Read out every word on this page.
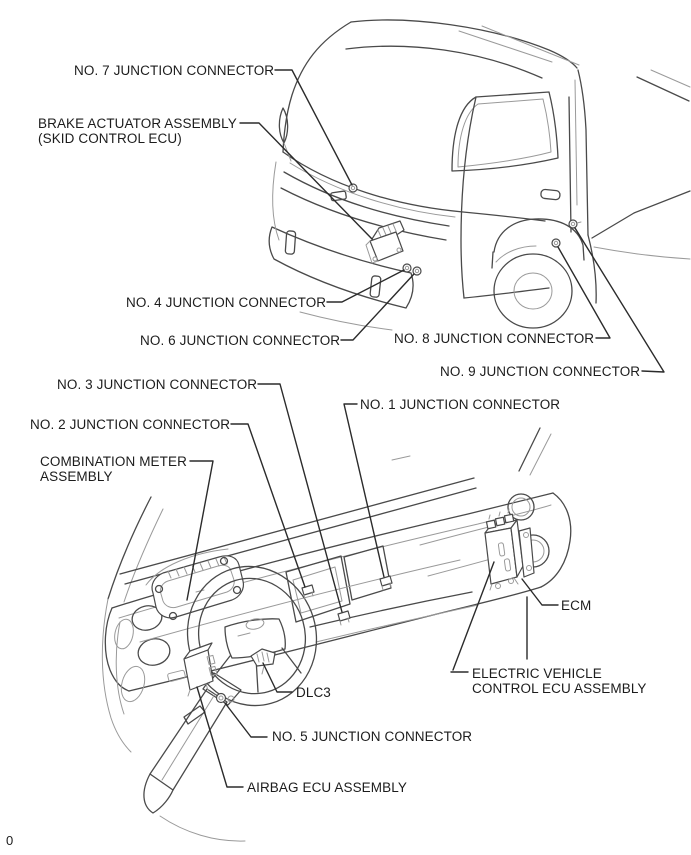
NO. 7 JUNCTION CONNECTOR
BRAKE ACTUATOR ASSEMBLY
(SKID CONTROL ECU)
NO. 4 JUNCTION CONNECTOR
NO. 6 JUNCTION CONNECTOR	NO. 8 JUNCTION CONNECTOR
NO. 9 JUNCTION CONNECTOR
NO. 3 JUNCTION CONNECTOR
NO. 2 JUNCTION CONNECTOR
NO. 1 JUNCTION CONNECTOR
COMBINATION METER
ASSEMBLY
ECM
ELECTRIC VEHICLE
CONTROL ECU ASSEMBLY
DLC3
NO. 5 JUNCTION CONNECTOR
AIRBAG ECU ASSEMBLY
0
